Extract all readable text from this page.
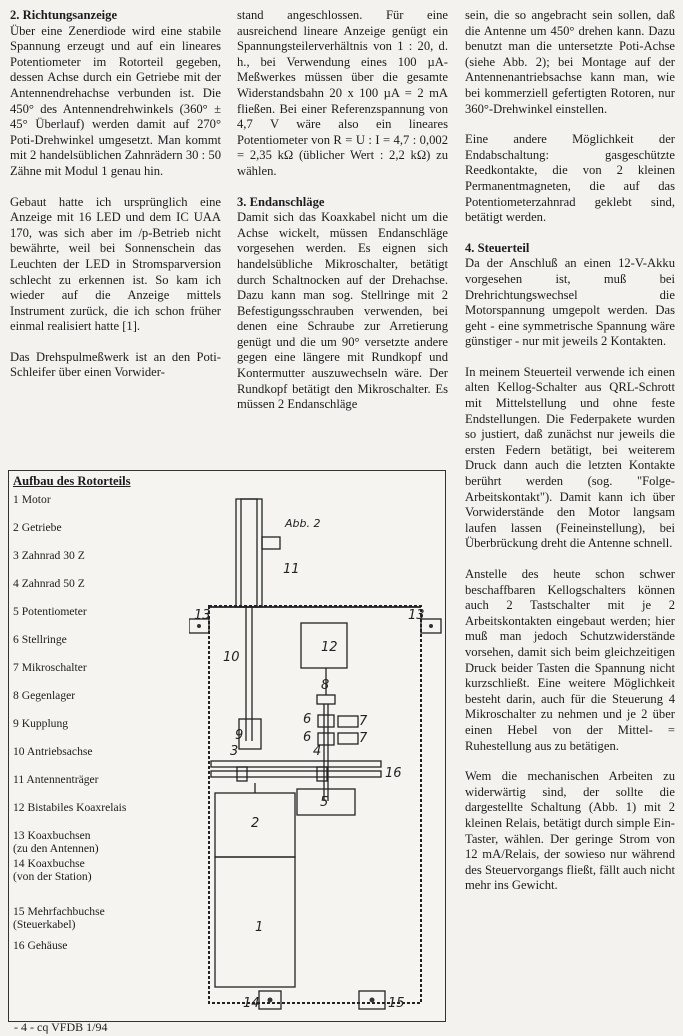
2. Richtungsanzeige

Über eine Zenerdiode wird eine stabile Spannung erzeugt und auf ein lineares Potentiometer im Rotorteil gegeben, dessen Achse durch ein Getriebe mit der Antennendrehachse verbunden ist. Die 450° des Antennendrehwinkels (360° ± 45° Überlauf) werden damit auf 270° Poti-Drehwinkel umgesetzt. Man kommt mit 2 handelsüblichen Zahnrädern 30 : 50 Zähne mit Modul 1 genau hin.

Gebaut hatte ich ursprünglich eine Anzeige mit 16 LED und dem IC UAA 170, was sich aber im /p-Betrieb nicht bewährte, weil bei Sonnenschein das Leuchten der LED in Stromsparversion schlecht zu erkennen ist. So kam ich wieder auf die Anzeige mittels Instrument zurück, die ich schon früher einmal realisiert hatte [1].

Das Drehspulmeßwerk ist an den Poti-Schleifer über einen Vorwider-

stand angeschlossen. Für eine ausreichend lineare Anzeige genügt ein Spannungsteilerverhältnis von 1 : 20, d. h., bei Verwendung eines 100 µA-Meßwerkes müssen über die gesamte Widerstandsbahn 20 x 100 µA = 2 mA fließen. Bei einer Referenzspannung von 4,7 V wäre also ein lineares Potentiometer von R = U : I = 4,7 : 0,002 = 2,35 kΩ (üblicher Wert : 2,2 kΩ) zu wählen.

3. Endanschläge

Damit sich das Koaxkabel nicht um die Achse wickelt, müssen Endanschläge vorgesehen werden. Es eignen sich handelsübliche Mikroschalter, betätigt durch Schaltnocken auf der Drehachse. Dazu kann man sog. Stellringe mit 2 Befestigungsschrauben verwenden, bei denen eine Schraube zur Arretierung genügt und die um 90° versetzte andere gegen eine längere mit Rundkopf und Kontermutter auszuwechseln wäre. Der Rundkopf betätigt den Mikroschalter. Es müssen 2 Endanschläge

sein, die so angebracht sein sollen, daß die Antenne um 450° drehen kann. Dazu benutzt man die untersetzte Poti-Achse (siehe Abb. 2); bei Montage auf der Antennenantriebsachse kann man, wie bei kommerziell gefertigten Rotoren, nur 360°-Drehwinkel einstellen.

Eine andere Möglichkeit der Endabschaltung: gasgeschützte Reedkontakte, die von 2 kleinen Permanentmagneten, die auf das Potentiometerzahnrad geklebt sind, betätigt werden.

4. Steuerteil

Da der Anschluß an einen 12-V-Akku vorgesehen ist, muß bei Drehrichtungswechsel die Motorspannung umgepolt werden. Das geht - eine symmetrische Spannung wäre günstiger - nur mit jeweils 2 Kontakten.

In meinem Steuerteil verwende ich einen alten Kellog-Schalter aus QRL-Schrott mit Mittelstellung und ohne feste Endstellungen. Die Federpakete wurden so justiert, daß zunächst nur jeweils die ersten Federn betätigt, bei weiterem Druck dann auch die letzten Kontakte berührt werden (sog. "Folge-Arbeitskontakt"). Damit kann ich über Vorwiderstände den Motor langsam laufen lassen (Feineinstellung), bei Überbrückung dreht die Antenne schnell.

Anstelle des heute schon schwer beschaffbaren Kellogschalters können auch 2 Tastschalter mit je 2 Arbeitskontakten eingebaut werden; hier muß man jedoch Schutzwiderstände vorsehen, damit sich beim gleichzeitigen Druck beider Tasten die Spannung nicht kurzschließt. Eine weitere Möglichkeit besteht darin, auch für die Steuerung 4 Mikroschalter zu nehmen und je 2 über einen Hebel von der Mittel- = Ruhestellung aus zu betätigen.

Wem die mechanischen Arbeiten zu widerwärtig sind, der sollte die dargestellte Schaltung (Abb. 1) mit 2 kleinen Relais, betätigt durch simple Ein-Taster, wählen. Der geringe Strom von 12 mA/Relais, der sowieso nur während des Steuervorgangs fließt, fällt auch nicht mehr ins Gewicht.

Aufbau des Rotorteils
1 Motor
2 Getriebe
3 Zahnrad 30 Z
4 Zahnrad 50 Z
5 Potentiometer
6 Stellringe
7 Mikroschalter
8 Gegenlager
9 Kupplung
10 Antriebsachse
11 Antennenträger
12 Bistabiles Koaxrelais
13 Koaxbuchsen
(zu den Antennen)
14 Koaxbuchse
(von der Station)
15 Mehrfachbuchse
(Steuerkabel)
16 Gehäuse
Abb. 2
1
2
3	4
5
6
6
7
7
8
9
10
11
12
13	13
14	15
16
- 4 - cq VFDB 1/94
